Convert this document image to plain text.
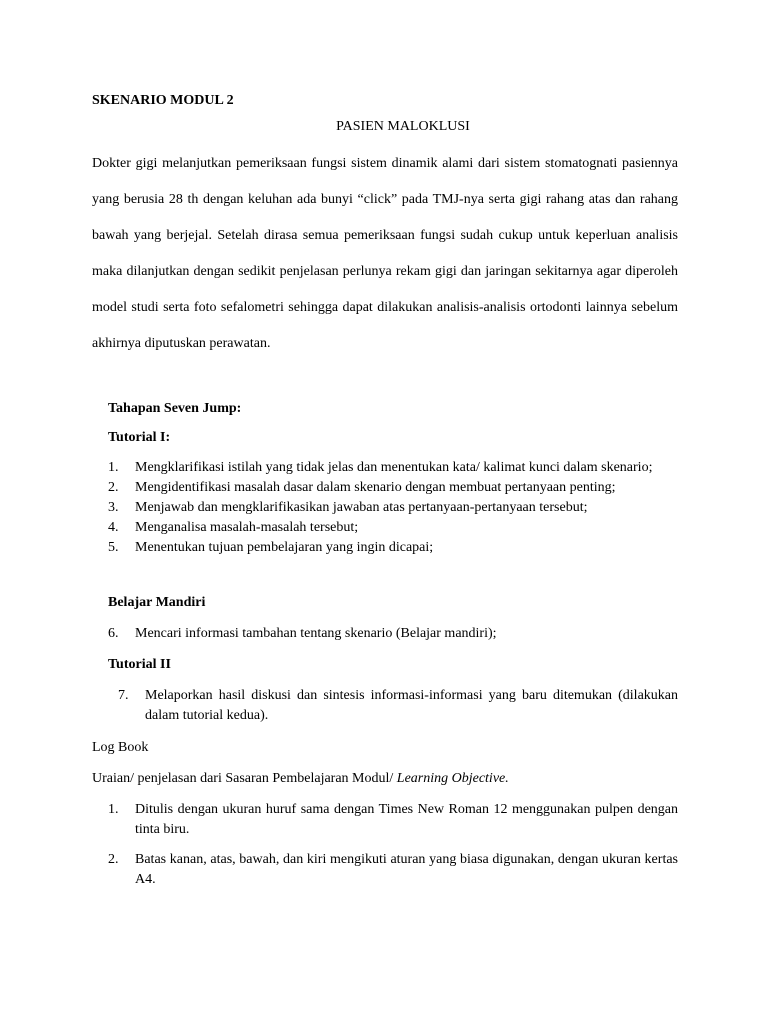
SKENARIO MODUL 2

PASIEN MALOKLUSI

Dokter gigi melanjutkan pemeriksaan fungsi sistem dinamik alami dari sistem stomatognati pasiennya yang berusia 28 th dengan keluhan ada bunyi “click” pada TMJ-nya serta gigi rahang atas dan rahang bawah yang berjejal. Setelah dirasa semua pemeriksaan fungsi sudah cukup untuk keperluan analisis maka dilanjutkan dengan sedikit penjelasan perlunya rekam gigi dan jaringan sekitarnya agar diperoleh model studi serta foto sefalometri sehingga dapat dilakukan analisis-analisis ortodonti lainnya sebelum akhirnya diputuskan perawatan.

Tahapan Seven Jump:

Tutorial I:

1.	Mengklarifikasi istilah yang tidak jelas dan menentukan kata/ kalimat kunci dalam skenario;
2.	Mengidentifikasi masalah dasar dalam skenario dengan membuat pertanyaan penting;
3.	Menjawab dan mengklarifikasikan jawaban atas pertanyaan-pertanyaan tersebut;
4.	Menganalisa masalah-masalah tersebut;
5.	Menentukan tujuan pembelajaran yang ingin dicapai;

Belajar Mandiri

6.	Mencari informasi tambahan tentang skenario (Belajar mandiri);

Tutorial II

7.	Melaporkan hasil diskusi dan sintesis informasi-informasi yang baru ditemukan (dilakukan dalam tutorial kedua).

Log Book

Uraian/ penjelasan dari Sasaran Pembelajaran Modul/ Learning Objective.

1.	Ditulis dengan ukuran huruf sama dengan Times New Roman 12 menggunakan pulpen dengan tinta biru.
2.	Batas kanan, atas, bawah, dan kiri mengikuti aturan yang biasa digunakan, dengan ukuran kertas A4.
